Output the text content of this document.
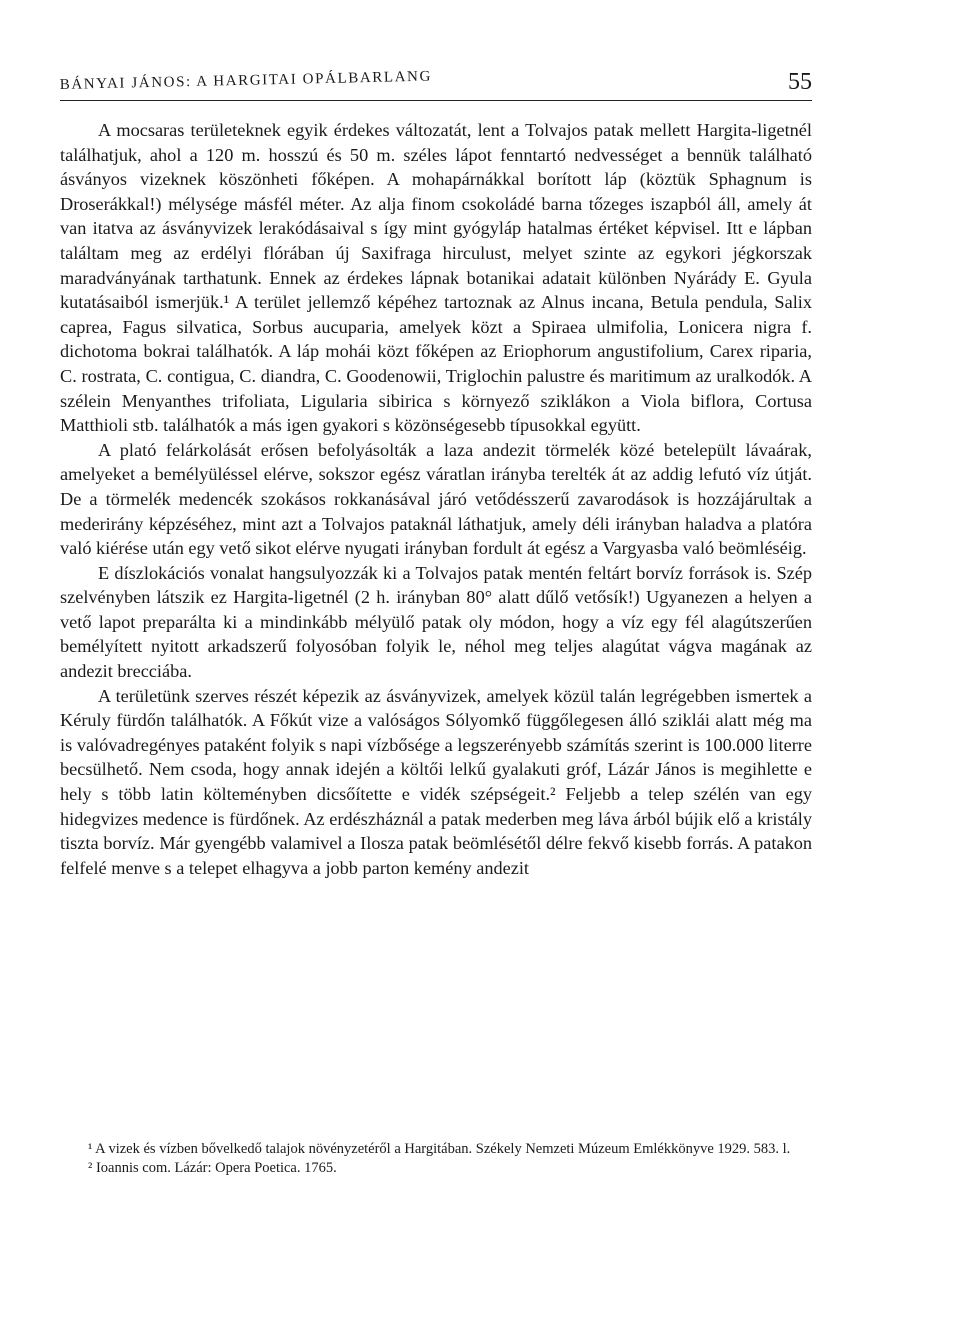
BÁNYAI JÁNOS: A HARGITAI OPÁLBARLANG	55

A mocsaras területeknek egyik érdekes változatát, lent a Tolvajos patak mellett Hargita-ligetnél találhatjuk, ahol a 120 m. hosszú és 50 m. széles lápot fenntartó nedvességet a bennük található ásványos vizeknek köszönheti főképen. A mohapárnákkal borított láp (köztük Sphagnum is Droserákkal!) mélysége másfél méter. Az alja finom csokoládé barna tőzeges iszapból áll, amely át van itatva az ásványvizek lerakódásaival s így mint gyógyláp hatalmas értéket képvisel. Itt e lápban találtam meg az erdélyi flórában új Saxifraga hirculust, melyet szinte az egykori jégkorszak maradványának tarthatunk. Ennek az érdekes lápnak botanikai adatait különben Nyárády E. Gyula kutatásaiból ismerjük.¹ A terület jellemző képéhez tartoznak az Alnus incana, Betula pendula, Salix caprea, Fagus silvatica, Sorbus aucuparia, amelyek közt a Spiraea ulmifolia, Lonicera nigra f. dichotoma bokrai találhatók. A láp mohái közt főképen az Eriophorum angustifolium, Carex riparia, C. rostrata, C. contigua, C. diandra, C. Goodenowii, Triglochin palustre és maritimum az uralkodók. A szélein Menyanthes trifoliata, Ligularia sibirica s környező sziklákon a Viola biflora, Cortusa Matthioli stb. találhatók a más igen gyakori s közönségesebb típusokkal együtt.

A plató felárkolását erősen befolyásolták a laza andezit törmelék közé betelepült lávaárak, amelyeket a bemélyüléssel elérve, sokszor egész váratlan irányba terelték át az addig lefutó víz útját. De a törmelék medencék szokásos rokkanásával járó vetődésszerű zavarodások is hozzájárultak a mederirány képzéséhez, mint azt a Tolvajos pataknál láthatjuk, amely déli irányban haladva a platóra való kiérése után egy vető sikot elérve nyugati irányban fordult át egész a Vargyasba való beömléséig.

E díszlokációs vonalat hangsulyozzák ki a Tolvajos patak mentén feltárt borvíz források is. Szép szelvényben látszik ez Hargita-ligetnél (2 h. irányban 80° alatt dűlő vetősík!) Ugyanezen a helyen a vető lapot preparálta ki a mindinkább mélyülő patak oly módon, hogy a víz egy fél alagútszerűen bemélyített nyitott arkadszerű folyosóban folyik le, néhol meg teljes alagútat vágva magának az andezit brecciába.

A területünk szerves részét képezik az ásványvizek, amelyek közül talán legrégebben ismertek a Kéruly fürdőn találhatók. A Főkút vize a valóságos Sólyomkő függőlegesen álló sziklái alatt még ma is valóvadregényes pataként folyik s napi vízbősége a legszerényebb számítás szerint is 100.000 literre becsülhető. Nem csoda, hogy annak idején a költői lelkű gyalakuti gróf, Lázár János is megihlette e hely s több latin költeményben dicsőítette e vidék szépségeit.² Feljebb a telep szélén van egy hidegvizes medence is fürdőnek. Az erdészháznál a patak mederben meg láva árból bújik elő a kristály tiszta borvíz. Már gyengébb valamivel a Ilosza patak beömlésétől délre fekvő kisebb forrás. A patakon felfelé menve s a telepet elhagyva a jobb parton kemény andezit

¹ A vizek és vízben bővelkedő talajok növényzetéről a Hargitában. Székely Nemzeti Múzeum Emlékkönyve 1929. 583. l.

² Ioannis com. Lázár: Opera Poetica. 1765.
